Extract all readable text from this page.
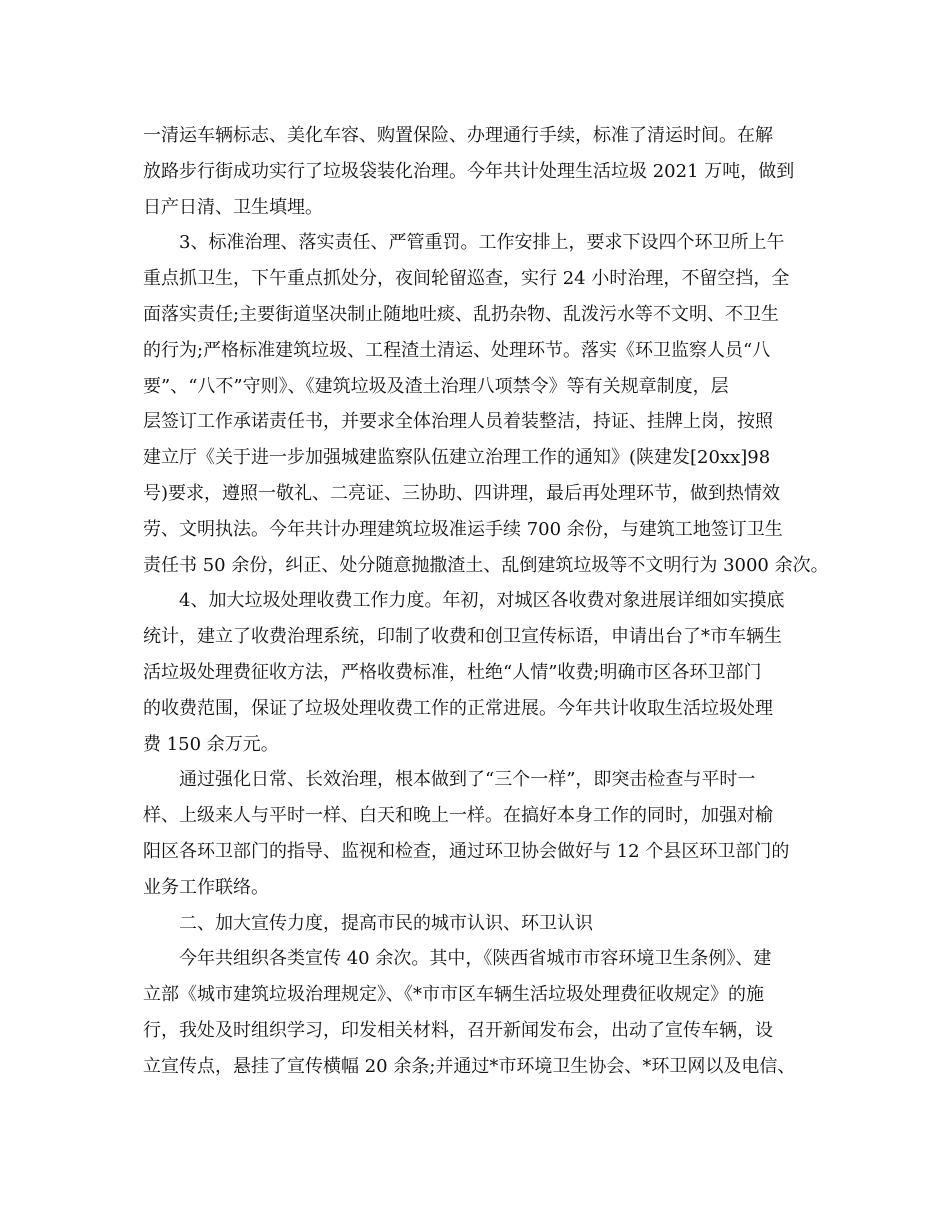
一清运车辆标志、美化车容、购置保险、办理通行手续，标准了清运时间。在解
放路步行街成功实行了垃圾袋装化治理。今年共计处理生活垃圾 2021 万吨，做到
日产日清、卫生填埋。
3、标准治理、落实责任、严管重罚。工作安排上，要求下设四个环卫所上午
重点抓卫生，下午重点抓处分，夜间轮留巡查，实行 24 小时治理，不留空挡，全
面落实责任;主要街道坚决制止随地吐痰、乱扔杂物、乱泼污水等不文明、不卫生
的行为;严格标准建筑垃圾、工程渣土清运、处理环节。落实《环卫监察人员“八
要”、“八不”守则》、《建筑垃圾及渣土治理八项禁令》等有关规章制度，层
层签订工作承诺责任书，并要求全体治理人员着装整洁，持证、挂牌上岗，按照
建立厅《关于进一步加强城建监察队伍建立治理工作的通知》(陕建发[20xx]98
号)要求，遵照一敬礼、二亮证、三协助、四讲理，最后再处理环节，做到热情效
劳、文明执法。今年共计办理建筑垃圾准运手续 700 余份，与建筑工地签订卫生
责任书 50 余份，纠正、处分随意抛撒渣土、乱倒建筑垃圾等不文明行为 3000 余次。
4、加大垃圾处理收费工作力度。年初，对城区各收费对象进展详细如实摸底
统计，建立了收费治理系统，印制了收费和创卫宣传标语，申请出台了*市车辆生
活垃圾处理费征收方法，严格收费标准，杜绝“人情”收费;明确市区各环卫部门
的收费范围，保证了垃圾处理收费工作的正常进展。今年共计收取生活垃圾处理
费 150 余万元。
通过强化日常、长效治理，根本做到了“三个一样”，即突击检查与平时一
样、上级来人与平时一样、白天和晚上一样。在搞好本身工作的同时，加强对榆
阳区各环卫部门的指导、监视和检查，通过环卫协会做好与 12 个县区环卫部门的
业务工作联络。
二、加大宣传力度，提高市民的城市认识、环卫认识
今年共组织各类宣传 40 余次。其中，《陕西省城市市容环境卫生条例》、建
立部《城市建筑垃圾治理规定》、《*市市区车辆生活垃圾处理费征收规定》的施
行，我处及时组织学习，印发相关材料，召开新闻发布会，出动了宣传车辆，设
立宣传点，悬挂了宣传横幅 20 余条;并通过*市环境卫生协会、*环卫网以及电信、
